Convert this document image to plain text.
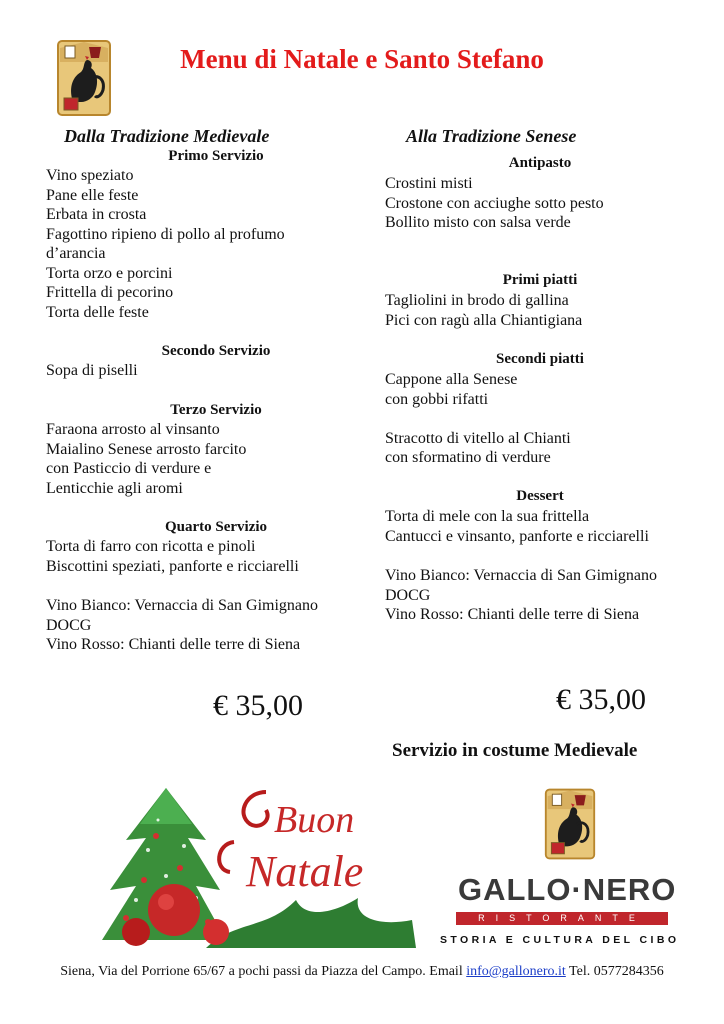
Menu di Natale e Santo Stefano
Dalla Tradizione Medievale
Primo Servizio
Vino speziato
Pane elle feste
Erbata in crosta
Fagottino ripieno di pollo al profumo
d’arancia
Torta orzo e porcini
Frittella di pecorino
Torta delle feste
Secondo Servizio
Sopa di piselli
Terzo Servizio
Faraona arrosto al vinsanto
Maialino Senese arrosto farcito
con Pasticcio di verdure e
Lenticchie agli aromi
Quarto Servizio
Torta di farro con ricotta e pinoli
Biscottini speziati, panforte e ricciarelli
Vino Bianco: Vernaccia di San Gimignano
DOCG
Vino Rosso: Chianti delle terre di Siena
€ 35,00
Alla Tradizione Senese
Antipasto
Crostini misti
Crostone con acciughe sotto pesto
Bollito misto con salsa verde
Primi piatti
Tagliolini in brodo di gallina
Pici con ragù alla Chiantigiana
Secondi piatti
Cappone alla Senese
con gobbi rifatti
Stracotto di vitello al Chianti
con sformatino di verdure
Dessert
Torta di mele con la sua frittella
Cantucci e vinsanto, panforte e ricciarelli
Vino Bianco: Vernaccia di San Gimignano
DOCG
Vino Rosso: Chianti delle terre di Siena
€ 35,00
Servizio in costume Medievale
Buon
Natale	GALLO·NERO
RISTORANTE
STORIA E CULTURA DEL CIBO
Siena, Via del Porrione 65/67 a pochi passi da Piazza del Campo. Email info@gallonero.it Tel. 0577284356
